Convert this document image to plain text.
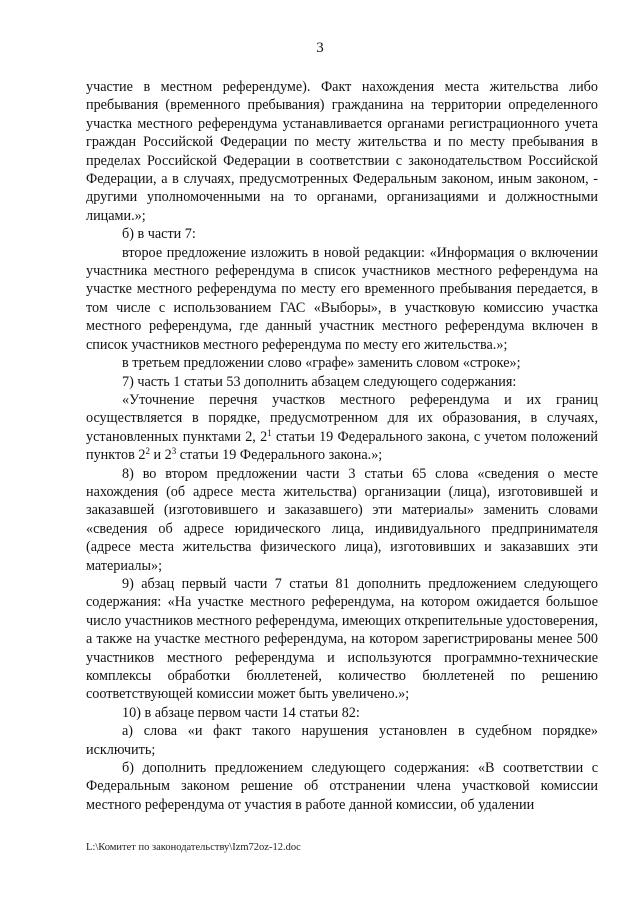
3

участие в местном референдуме). Факт нахождения места жительства либо пребывания (временного пребывания) гражданина на территории определенного участка местного референдума устанавливается органами регистрационного учета граждан Российской Федерации по месту жительства и по месту пребывания в пределах Российской Федерации в соответствии с законодательством Российской Федерации, а в случаях, предусмотренных Федеральным законом, иным законом, - другими уполномоченными на то органами, организациями и должностными лицами.»;

б) в части 7:

второе предложение изложить в новой редакции: «Информация о включении участника местного референдума в список участников местного референдума на участке местного референдума по месту его временного пребывания передается, в том числе с использованием ГАС «Выборы», в участковую комиссию участка местного референдума, где данный участник местного референдума включен в список участников местного референдума по месту его жительства.»;

в третьем предложении слово «графе» заменить словом «строке»;

7) часть 1 статьи 53 дополнить абзацем следующего содержания:

«Уточнение перечня участков местного референдума и их границ осуществляется в порядке, предусмотренном для их образования, в случаях, установленных пунктами 2, $2^1$ статьи 19 Федерального закона, с учетом положений пунктов $2^2$ и $2^3$ статьи 19 Федерального закона.»;

8) во втором предложении части 3 статьи 65 слова «сведения о месте нахождения (об адресе места жительства) организации (лица), изготовившей и заказавшей (изготовившего и заказавшего) эти материалы» заменить словами «сведения об адресе юридического лица, индивидуального предпринимателя (адресе места жительства физического лица), изготовивших и заказавших эти материалы»;

9) абзац первый части 7 статьи 81 дополнить предложением следующего содержания: «На участке местного референдума, на котором ожидается большое число участников местного референдума, имеющих открепительные удостоверения, а также на участке местного референдума, на котором зарегистрированы менее 500 участников местного референдума и используются программно-технические комплексы обработки бюллетеней, количество бюллетеней по решению соответствующей комиссии может быть увеличено.»;

10) в абзаце первом части 14 статьи 82:

а) слова «и факт такого нарушения установлен в судебном порядке» исключить;

б) дополнить предложением следующего содержания: «В соответствии с Федеральным законом решение об отстранении члена участковой комиссии местного референдума от участия в работе данной комиссии, об удалении

L:\Комитет по законодательству\Izm72oz-12.doc
